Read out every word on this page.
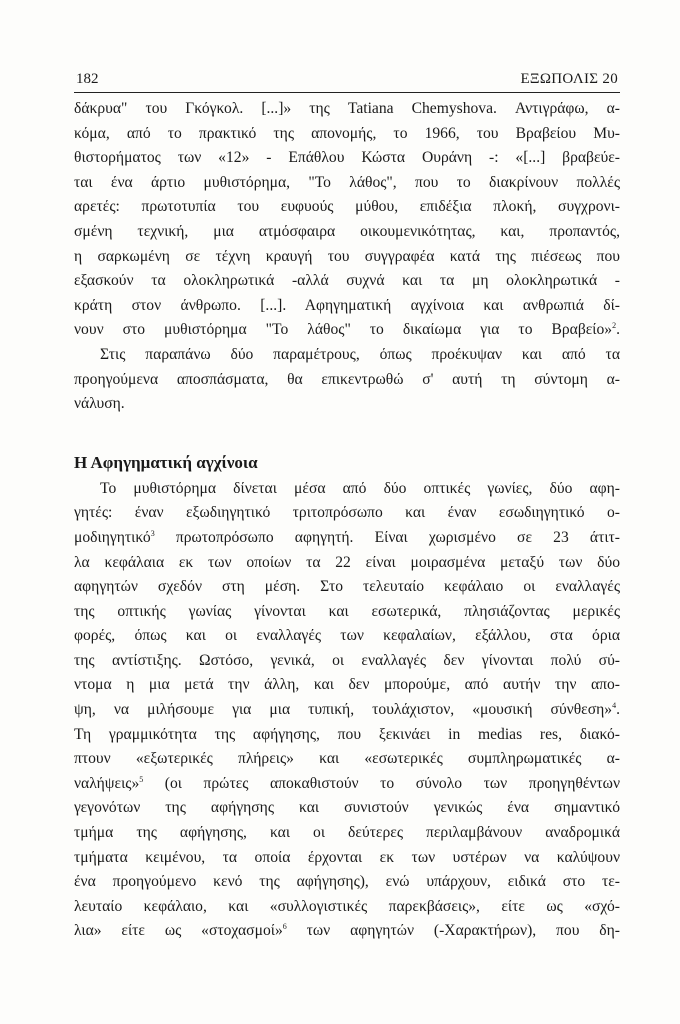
182	ΕΞΩΠΟΛΙΣ 20
δάκρυα" του Γκόγκολ. [...]» της Tatiana Chemyshova. Αντιγράφω, α-
κόμα, από το πρακτικό της απονομής, το 1966, του Βραβείου Μυ-
θιστορήματος των «12» - Επάθλου Κώστα Ουράνη -: «[...] βραβεύε-
ται ένα άρτιο μυθιστόρημα, "Το λάθος", που το διακρίνουν πολλές
αρετές: πρωτοτυπία του ευφυούς μύθου, επιδέξια πλοκή, συγχρονι-
σμένη τεχνική, μια ατμόσφαιρα οικουμενικότητας, και, προπαντός,
η σαρκωμένη σε τέχνη κραυγή του συγγραφέα κατά της πιέσεως που
εξασκούν τα ολοκληρωτικά -αλλά συχνά και τα μη ολοκληρωτικά -
κράτη στον άνθρωπο. [...]. Αφηγηματική αγχίνοια και ανθρωπιά δί-
νουν στο μυθιστόρημα "Το λάθος" το δικαίωμα για το Βραβείο»$^2$.
Στις παραπάνω δύο παραμέτρους, όπως προέκυψαν και από τα
προηγούμενα αποσπάσματα, θα επικεντρωθώ σ' αυτή τη σύντομη α-
νάλυση.
Η Αφηγηματική αγχίνοια
Το μυθιστόρημα δίνεται μέσα από δύο οπτικές γωνίες, δύο αφη-
γητές: έναν εξωδιηγητικό τριτοπρόσωπο και έναν εσωδιηγητικό ο-
μοδιηγητικό$^3$ πρωτοπρόσωπο αφηγητή. Είναι χωρισμένο σε 23 άτιτ-
λα κεφάλαια εκ των οποίων τα 22 είναι μοιρασμένα μεταξύ των δύο
αφηγητών σχεδόν στη μέση. Στο τελευταίο κεφάλαιο οι εναλλαγές
της οπτικής γωνίας γίνονται και εσωτερικά, πλησιάζοντας μερικές
φορές, όπως και οι εναλλαγές των κεφαλαίων, εξάλλου, στα όρια
της αντίστιξης. Ωστόσο, γενικά, οι εναλλαγές δεν γίνονται πολύ σύ-
ντομα η μια μετά την άλλη, και δεν μπορούμε, από αυτήν την απο-
ψη, να μιλήσουμε για μια τυπική, τουλάχιστον, «μουσική σύνθεση»$^4$.
Τη γραμμικότητα της αφήγησης, που ξεκινάει in medias res, διακό-
πτουν «εξωτερικές πλήρεις» και «εσωτερικές συμπληρωματικές α-
ναλήψεις»$^5$ (οι πρώτες αποκαθιστούν το σύνολο των προηγηθέντων
γεγονότων της αφήγησης και συνιστούν γενικώς ένα σημαντικό
τμήμα της αφήγησης, και οι δεύτερες περιλαμβάνουν αναδρομικά
τμήματα κειμένου, τα οποία έρχονται εκ των υστέρων να καλύψουν
ένα προηγούμενο κενό της αφήγησης), ενώ υπάρχουν, ειδικά στο τε-
λευταίο κεφάλαιο, και «συλλογιστικές παρεκβάσεις», είτε ως «σχό-
λια» είτε ως «στοχασμοί»$^6$ των αφηγητών (-Χαρακτήρων), που δη-
